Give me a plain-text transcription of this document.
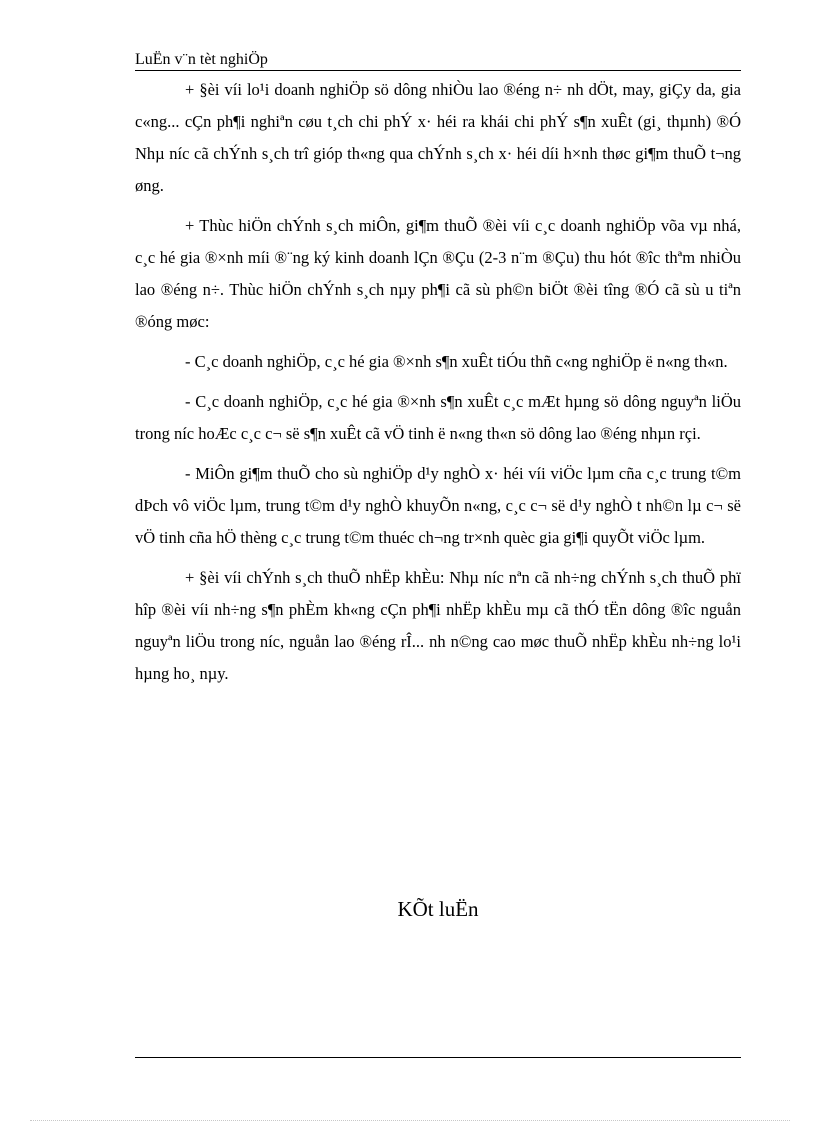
LuËn v¨n tèt nghiÖp

+ §èi víi lo¹i doanh nghiÖp sö dông nhiÒu lao ®éng n÷ nh dÖt, may, giÇy da, gia c«ng... cÇn ph¶i nghiªn cøu t¸ch chi phÝ x· héi ra khái chi phÝ s¶n xuÊt (gi¸ thµnh) ®Ó Nhµ níc cã chÝnh s¸ch trî gióp th«ng qua chÝnh s¸ch x· héi díi h×nh thøc gi¶m thuÕ t¬ng øng.

+ Thùc hiÖn chÝnh s¸ch miÔn, gi¶m thuÕ ®èi víi c¸c doanh nghiÖp võa vµ nhá, c¸c hé gia ®×nh míi ®¨ng ký kinh doanh lÇn ®Çu (2-3 n¨m ®Çu) thu hót ®îc thªm nhiÒu lao ®éng n÷. Thùc hiÖn chÝnh s¸ch nµy ph¶i cã sù ph©n biÖt ®èi tîng ®Ó cã sù u tiªn ®óng møc:

- C¸c doanh nghiÖp, c¸c hé gia ®×nh s¶n xuÊt tiÓu thñ c«ng nghiÖp ë n«ng th«n.

- C¸c doanh nghiÖp, c¸c hé gia ®×nh s¶n xuÊt c¸c mÆt hµng sö dông nguyªn liÖu trong níc hoÆc c¸c c¬ së s¶n xuÊt cã vÖ tinh ë n«ng th«n sö dông lao ®éng nhµn rçi.

- MiÔn gi¶m thuÕ cho sù nghiÖp d¹y nghÒ x· héi víi viÖc lµm cña c¸c trung t©m dÞch vô viÖc lµm, trung t©m d¹y nghÒ khuyÕn n«ng, c¸c c¬ së d¹y nghÒ t nh©n lµ c¬ së vÖ tinh cña hÖ thèng c¸c trung t©m thuéc ch¬ng tr×nh quèc gia gi¶i quyÕt viÖc lµm.

+ §èi víi chÝnh s¸ch thuÕ nhËp khÈu: Nhµ níc nªn cã nh÷ng chÝnh s¸ch thuÕ phï hîp ®èi víi nh÷ng s¶n phÈm kh«ng cÇn ph¶i nhËp khÈu mµ cã thÓ tËn dông ®îc nguån nguyªn liÖu trong níc, nguån lao ®éng rÎ... nh n©ng cao møc thuÕ nhËp khÈu nh÷ng lo¹i hµng ho¸ nµy.

KÕt luËn
